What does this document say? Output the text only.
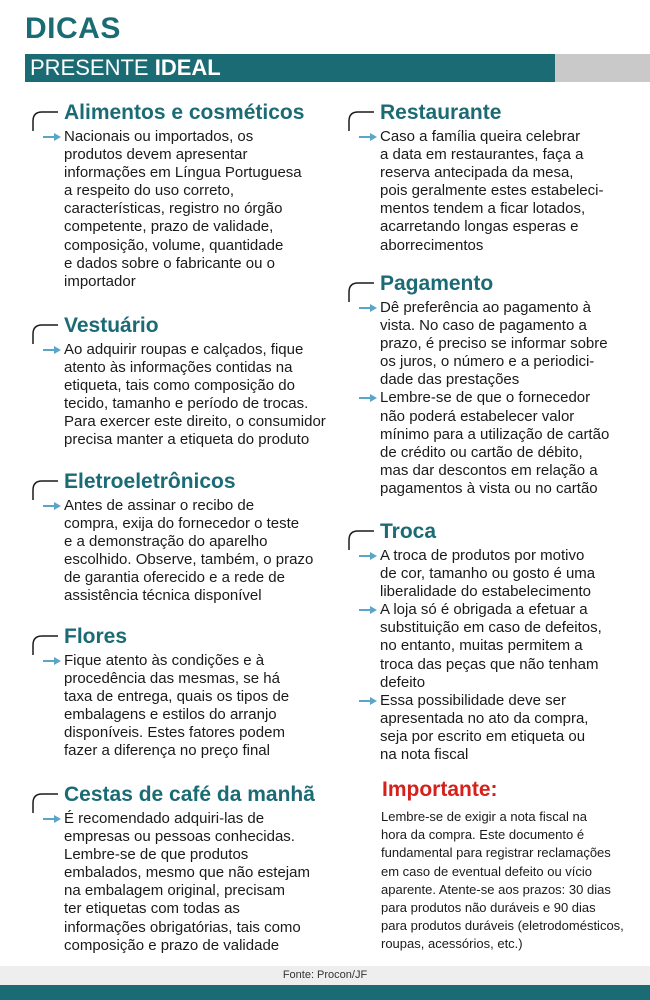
DICAS
PRESENTE IDEAL
Alimentos e cosméticos
Nacionais ou importados, os
produtos devem apresentar
informações em Língua Portuguesa
a respeito do uso correto,
características, registro no órgão
competente, prazo de validade,
composição, volume, quantidade
e dados sobre o fabricante ou o
importador
Vestuário
Ao adquirir roupas e calçados, fique
atento às informações contidas na
etiqueta, tais como composição do
tecido, tamanho e período de trocas.
Para exercer este direito, o consumidor
precisa manter a etiqueta do produto
Eletroeletrônicos
Antes de assinar o recibo de
compra, exija do fornecedor o teste
e a demonstração do aparelho
escolhido. Observe, também, o prazo
de garantia oferecido e a rede de
assistência técnica disponível
Flores
Fique atento às condições e à
procedência das mesmas, se há
taxa de entrega, quais os tipos de
embalagens e estilos do arranjo
disponíveis. Estes fatores podem
fazer a diferença no preço final
Cestas de café da manhã
É recomendado adquiri-las de
empresas ou pessoas conhecidas.
Lembre-se de que produtos
embalados, mesmo que não estejam
na embalagem original, precisam
ter etiquetas com todas as
informações obrigatórias, tais como
composição e prazo de validade
Restaurante
Caso a família queira celebrar
a data em restaurantes, faça a
reserva antecipada da mesa,
pois geralmente estes estabeleci-
mentos tendem a ficar lotados,
acarretando longas esperas e
aborrecimentos
Pagamento
Dê preferência ao pagamento à
vista. No caso de pagamento a
prazo, é preciso se informar sobre
os juros, o número e a periodici-
dade das prestações
Lembre-se de que o fornecedor
não poderá estabelecer valor
mínimo para a utilização de cartão
de crédito ou cartão de débito,
mas dar descontos em relação a
pagamentos à vista ou no cartão
Troca
A troca de produtos por motivo
de cor, tamanho ou gosto é uma
liberalidade do estabelecimento
A loja só é obrigada a efetuar a
substituição em caso de defeitos,
no entanto, muitas permitem a
troca das peças que não tenham
defeito
Essa possibilidade deve ser
apresentada no ato da compra,
seja por escrito em etiqueta ou
na nota fiscal
Importante:
Lembre-se de exigir a nota fiscal na
hora da compra. Este documento é
fundamental para registrar reclamações
em caso de eventual defeito ou vício
aparente. Atente-se aos prazos: 30 dias
para produtos não duráveis e 90 dias
para produtos duráveis (eletrodomésticos,
roupas, acessórios, etc.)
Fonte: Procon/JF
